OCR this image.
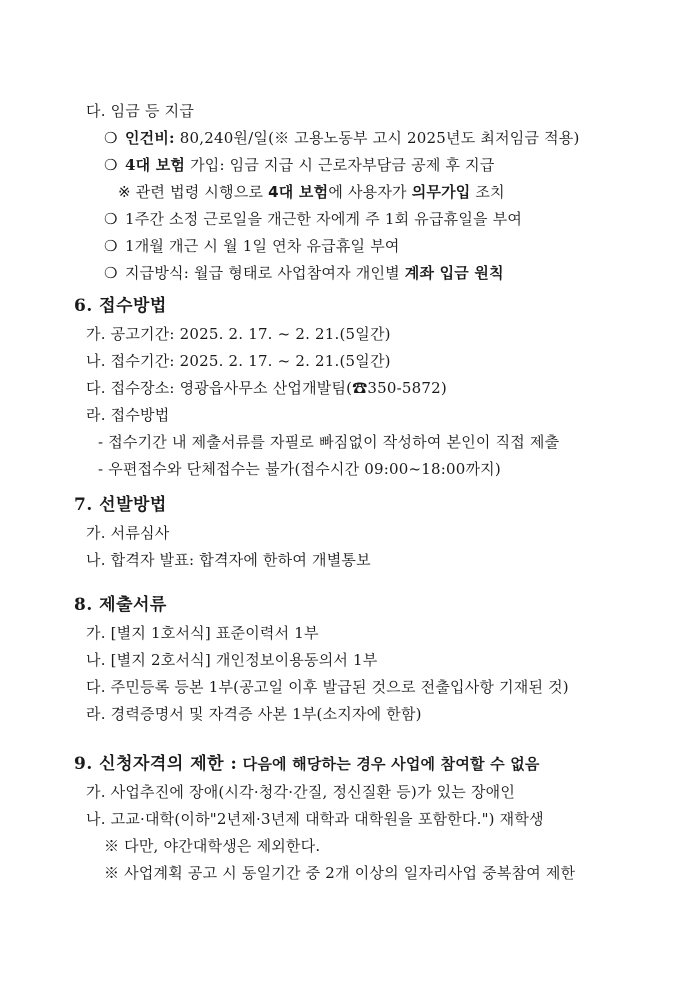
다. 임금 등 지급
❍ 인건비: 80,240원/일(※ 고용노동부 고시 2025년도 최저임금 적용)
❍ 4대 보험 가입: 임금 지급 시 근로자부담금 공제 후 지급
※ 관련 법령 시행으로 4대 보험에 사용자가 의무가입 조치
❍ 1주간 소정 근로일을 개근한 자에게 주 1회 유급휴일을 부여
❍ 1개월 개근 시 월 1일 연차 유급휴일 부여
❍ 지급방식: 월급 형태로 사업참여자 개인별 계좌 입금 원칙
6. 접수방법
가. 공고기간: 2025. 2. 17. ~ 2. 21.(5일간)
나. 접수기간: 2025. 2. 17. ~ 2. 21.(5일간)
다. 접수장소: 영광읍사무소 산업개발팀(☎350-5872)
라. 접수방법
- 접수기간 내 제출서류를 자필로 빠짐없이 작성하여 본인이 직접 제출
- 우편접수와 단체접수는 불가(접수시간 09:00~18:00까지)
7. 선발방법
가. 서류심사
나. 합격자 발표: 합격자에 한하여 개별통보
8. 제출서류
가. [별지 1호서식] 표준이력서 1부
나. [별지 2호서식] 개인정보이용동의서 1부
다. 주민등록 등본 1부(공고일 이후 발급된 것으로 전출입사항 기재된 것)
라. 경력증명서 및 자격증 사본 1부(소지자에 한함)
9. 신청자격의 제한 : 다음에 해당하는 경우 사업에 참여할 수 없음
가. 사업추진에 장애(시각·청각·간질, 정신질환 등)가 있는 장애인
나. 고교·대학(이하"2년제·3년제 대학과 대학원을 포함한다.") 재학생
※ 다만, 야간대학생은 제외한다.
※ 사업계획 공고 시 동일기간 중 2개 이상의 일자리사업 중복참여 제한
